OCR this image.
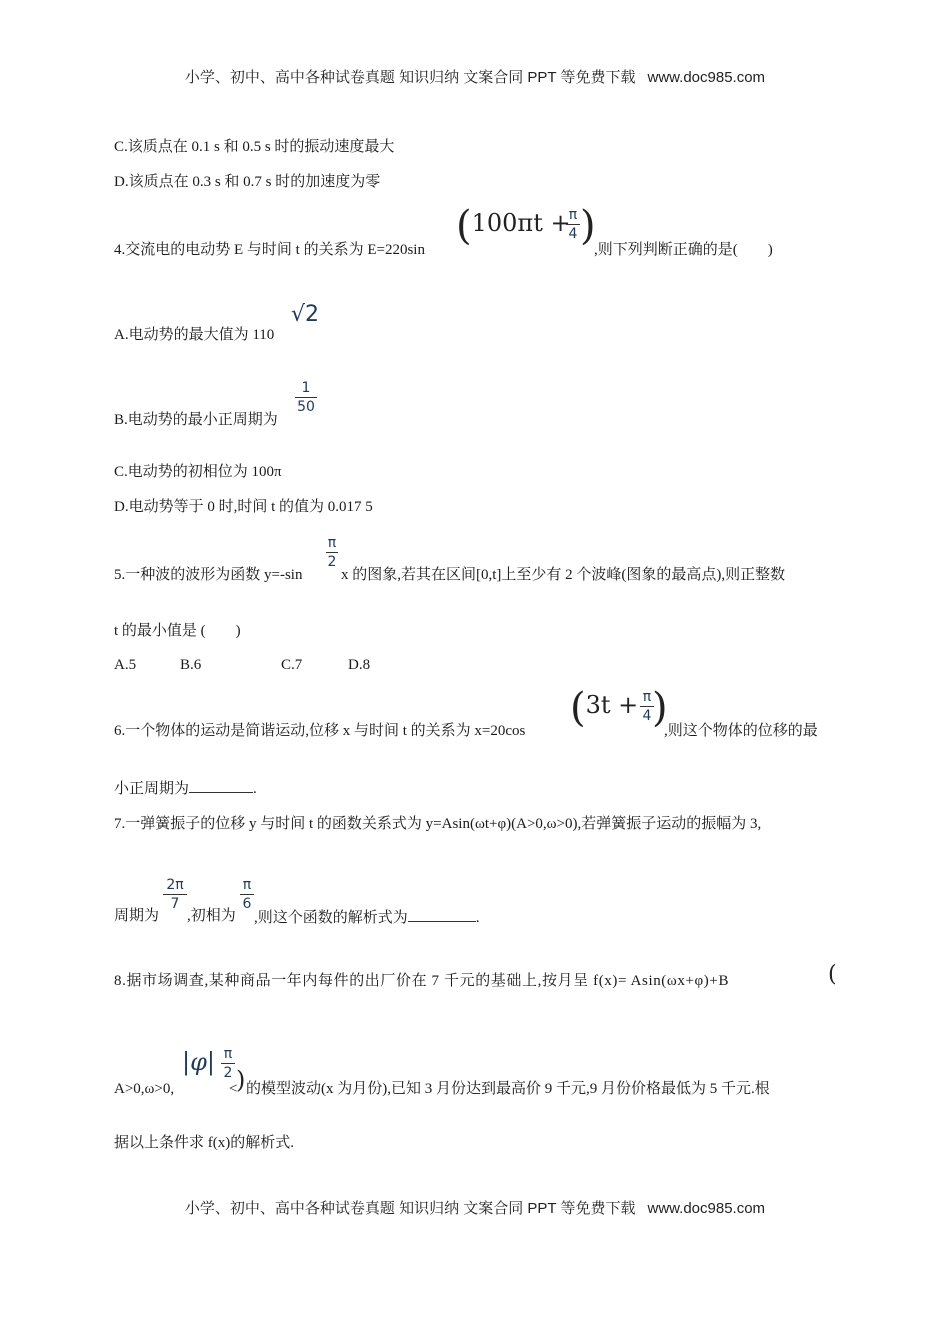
小学、初中、高中各种试卷真题 知识归纳 文案合同 PPT 等免费下载 www.doc985.com
C.该质点在 0.1 s 和 0.5 s 时的振动速度最大
D.该质点在 0.3 s 和 0.7 s 时的加速度为零
4.交流电的电动势 E 与时间 t 的关系为 E=220sin
(100πt +
π
4 )
,则下列判断正确的是(　　)
A.电动势的最大值为 110
√2
B.电动势的最小正周期为
1
50
C.电动势的初相位为 100π
D.电动势等于 0 时,时间 t 的值为 0.017 5
5.一种波的波形为函数 y=-sin
π
2
x 的图象,若其在区间[0,t]上至少有 2 个波峰(图象的最高点),则正整数
t 的最小值是 (　　)
A.5	B.6	C.7	D.8
6.一个物体的运动是简谐运动,位移 x 与时间 t 的关系为 x=20cos (3t + π
4 )
,则这个物体的位移的最
小正周期为	.
7.一弹簧振子的位移 y 与时间 t 的函数关系式为 y=Asin(ωt+φ)(A>0,ω>0),若弹簧振子运动的振幅为 3,
周期为
2π
7
,初相为
π
6
,则这个函数的解析式为	.
8.据市场调查,某种商品一年内每件的出厂价在 7 千元的基础上,按月呈 f(x)= Asin(ωx+φ)+B	(
A>0,ω>0,
|φ|
<
π
2 ) 的模型波动(x 为月份),已知 3 月份达到最高价 9 千元,9 月份价格最低为 5 千元.根
据以上条件求 f(x)的解析式.
小学、初中、高中各种试卷真题 知识归纳 文案合同 PPT 等免费下载 www.doc985.com
